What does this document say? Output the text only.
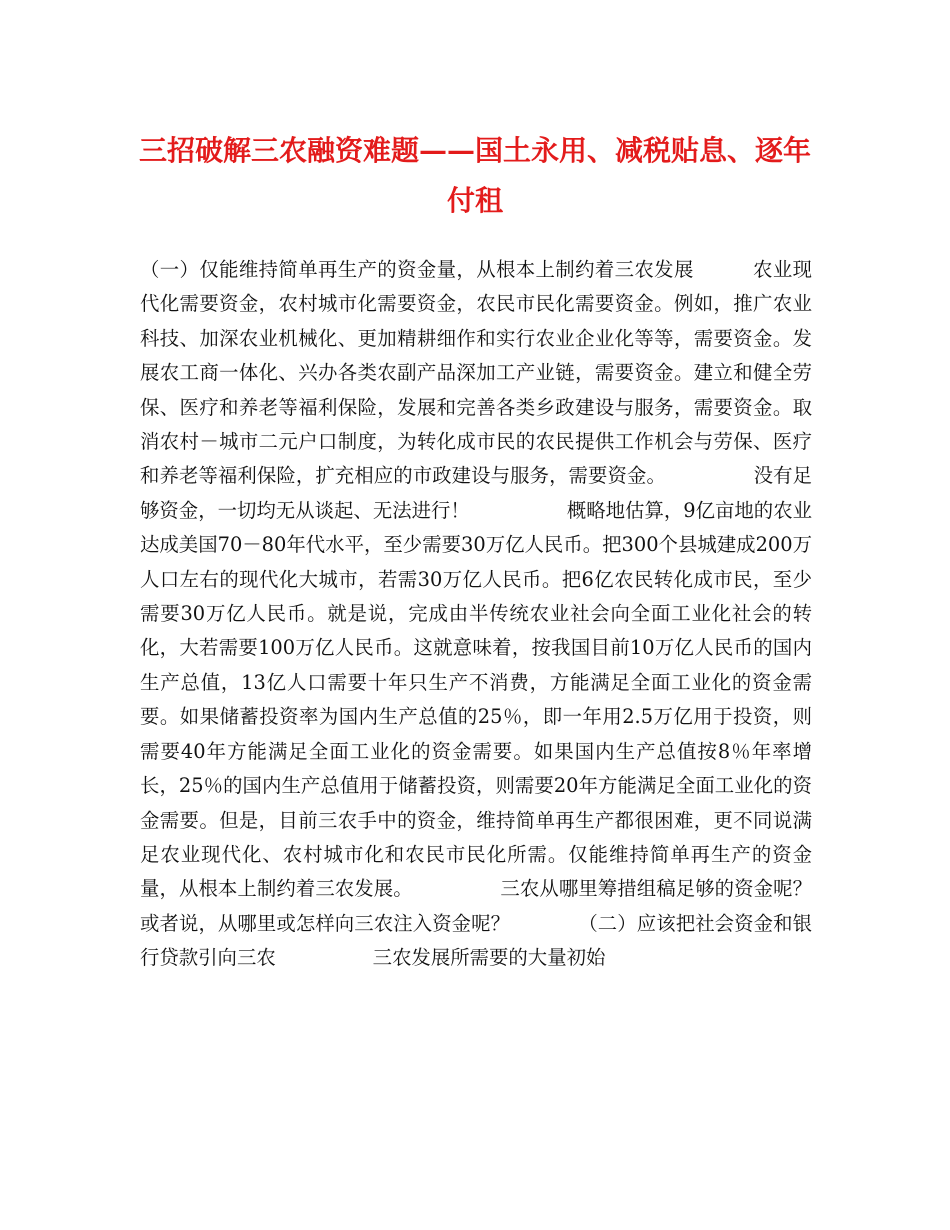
三招破解三农融资难题——国土永用、减税贴息、逐年付租

（一）仅能维持简单再生产的资金量，从根本上制约着三农发展　　　农业现代化需要资金，农村城市化需要资金，农民市民化需要资金。例如，推广农业科技、加深农业机械化、更加精耕细作和实行农业企业化等等，需要资金。发展农工商一体化、兴办各类农副产品深加工产业链，需要资金。建立和健全劳保、医疗和养老等福利保险，发展和完善各类乡政建设与服务，需要资金。取消农村－城市二元户口制度，为转化成市民的农民提供工作机会与劳保、医疗和养老等福利保险，扩充相应的市政建设与服务，需要资金。　　　　　没有足够资金，一切均无从谈起、无法进行！　　　　　概略地估算，9亿亩地的农业达成美国70－80年代水平，至少需要30万亿人民币。把300个县城建成200万人口左右的现代化大城市，若需30万亿人民币。把6亿农民转化成市民，至少需要30万亿人民币。就是说，完成由半传统农业社会向全面工业化社会的转化，大若需要100万亿人民币。这就意味着，按我国目前10万亿人民币的国内生产总值，13亿人口需要十年只生产不消费，方能满足全面工业化的资金需要。如果储蓄投资率为国内生产总值的25％，即一年用2.5万亿用于投资，则需要40年方能满足全面工业化的资金需要。如果国内生产总值按8％年率增长，25％的国内生产总值用于储蓄投资，则需要20年方能满足全面工业化的资金需要。但是，目前三农手中的资金，维持简单再生产都很困难，更不同说满足农业现代化、农村城市化和农民市民化所需。仅能维持简单再生产的资金量，从根本上制约着三农发展。　　　　　三农从哪里筹措组稿足够的资金呢？或者说，从哪里或怎样向三农注入资金呢？　　　　（二）应该把社会资金和银行贷款引向三农　　　　　三农发展所需要的大量初始
